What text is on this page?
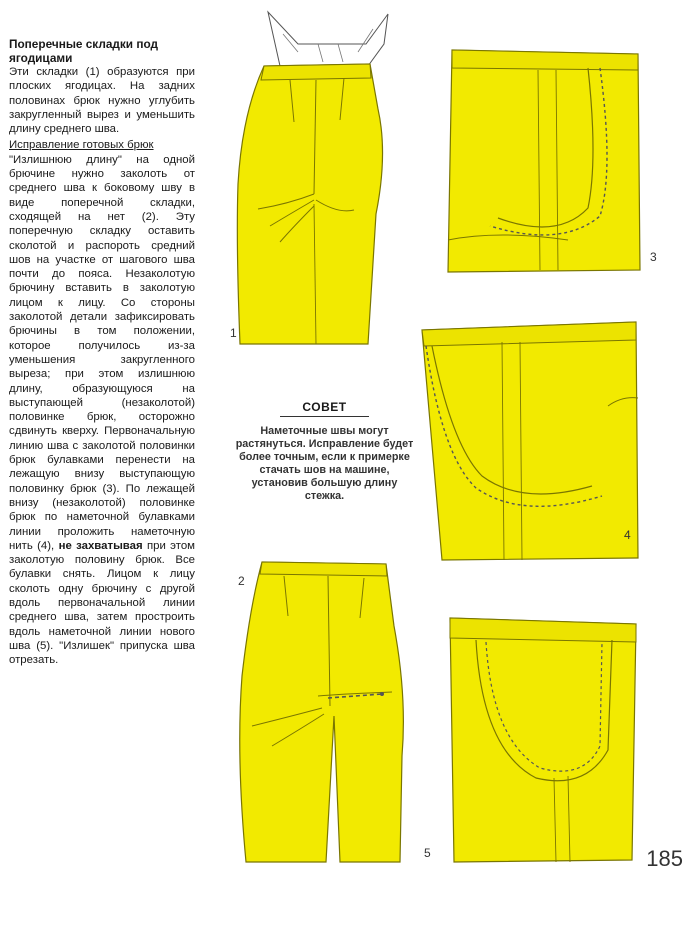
Поперечные складки под ягодицами

Эти складки (1) образуются при плоских ягодицах. На задних половинах брюк нужно углубить закругленный вырез и уменьшить длину среднего шва.

Исправление готовых брюк

"Излишнюю длину" на одной брючине нужно заколоть от среднего шва к боковому шву в виде поперечной складки, сходящей на нет (2). Эту поперечную складку оставить сколотой и распороть средний шов на участке от шагового шва почти до пояса. Незаколотую брючину вставить в заколотую лицом к лицу. Со стороны заколотой детали зафиксировать брючины в том положении, которое получилось из-за уменьшения закругленного выреза; при этом излишнюю длину, образующуюся на выступающей (незаколотой) половинке брюк, осторожно сдвинуть кверху. Первоначальную линию шва с заколотой половинки брюк булавками перенести на лежащую внизу выступающую половинку брюк (3). По лежащей внизу (незаколотой) половинке брюк по наметочной булавками линии проложить наметочную нить (4), не захватывая при этом заколотую половину брюк. Все булавки снять. Лицом к лицу сколоть одну брючину с другой вдоль первоначальной линии среднего шва, затем простроить вдоль наметочной линии нового шва (5). "Излишек" припуска шва отрезать.

1
2
3
4
5
СОВЕТ
Наметочные швы могут растянуться. Исправление будет более точным, если к примерке стачать шов на машине, установив большую длину стежка.
185
